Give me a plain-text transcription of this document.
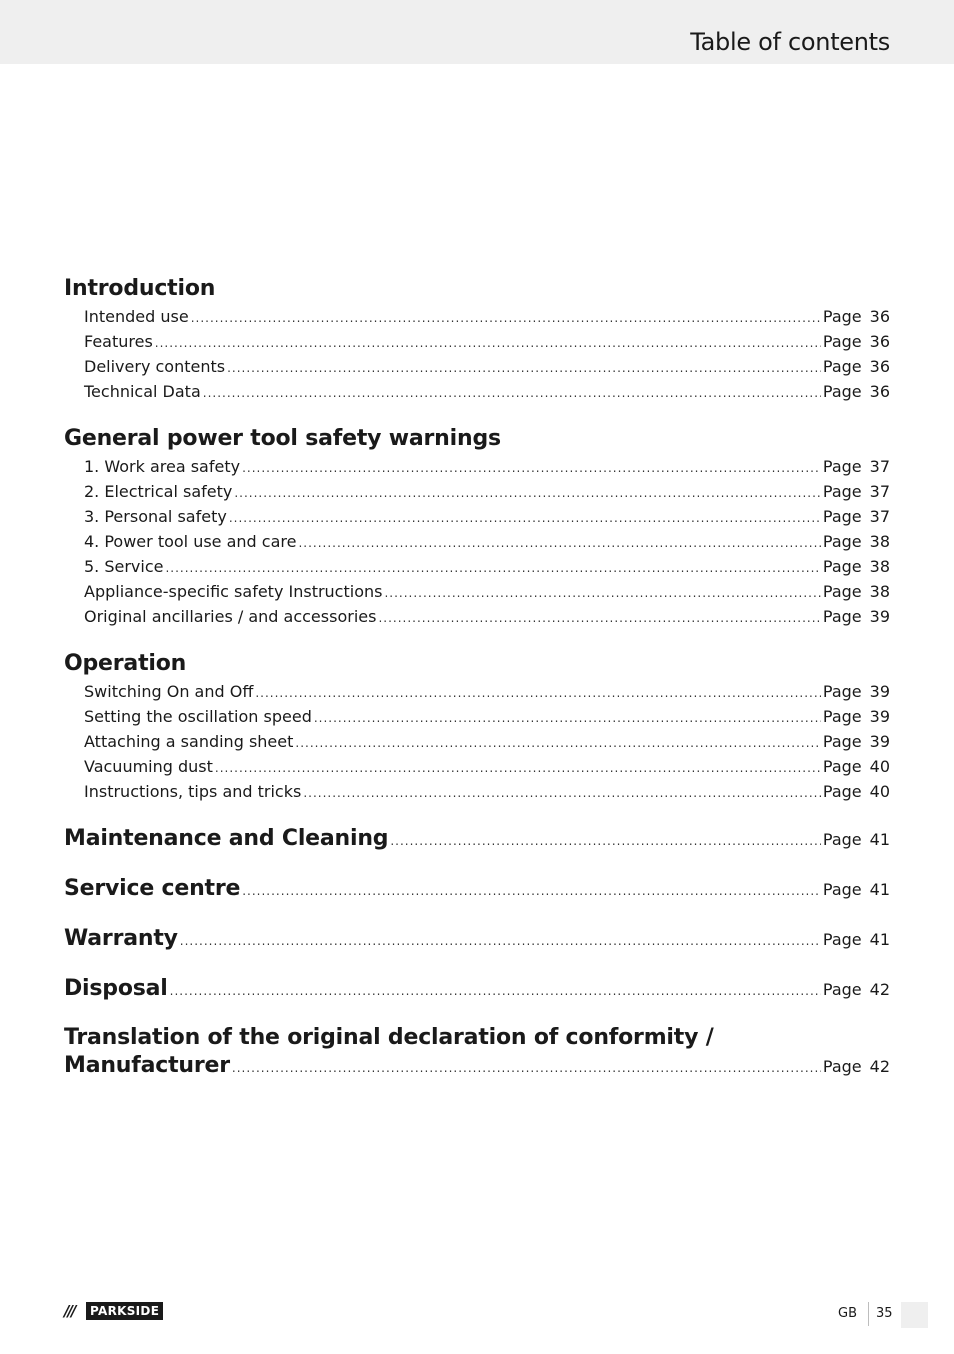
Table of contents
Introduction
Intended use .....	Page 36
Features .....	Page 36
Delivery contents .....	Page 36
Technical Data .....	Page 36
General power tool safety warnings
1. Work area safety .....	Page 37
2. Electrical safety .....	Page 37
3. Personal safety .....	Page 37
4. Power tool use and care .....	Page 38
5. Service .....	Page 38
Appliance-specific safety Instructions .....	Page 38
Original ancillaries / and accessories .....	Page 39
Operation
Switching On and Off .....	Page 39
Setting the oscillation speed .....	Page 39
Attaching a sanding sheet .....	Page 39
Vacuuming dust .....	Page 40
Instructions, tips and tricks .....	Page 40
Maintenance and Cleaning .....	Page 41
Service centre .....	Page 41
Warranty .....	Page 41
Disposal .....	Page 42
Translation of the original declaration of conformity /
Manufacturer .....	Page 42
///	PARKSIDE	GB 35
